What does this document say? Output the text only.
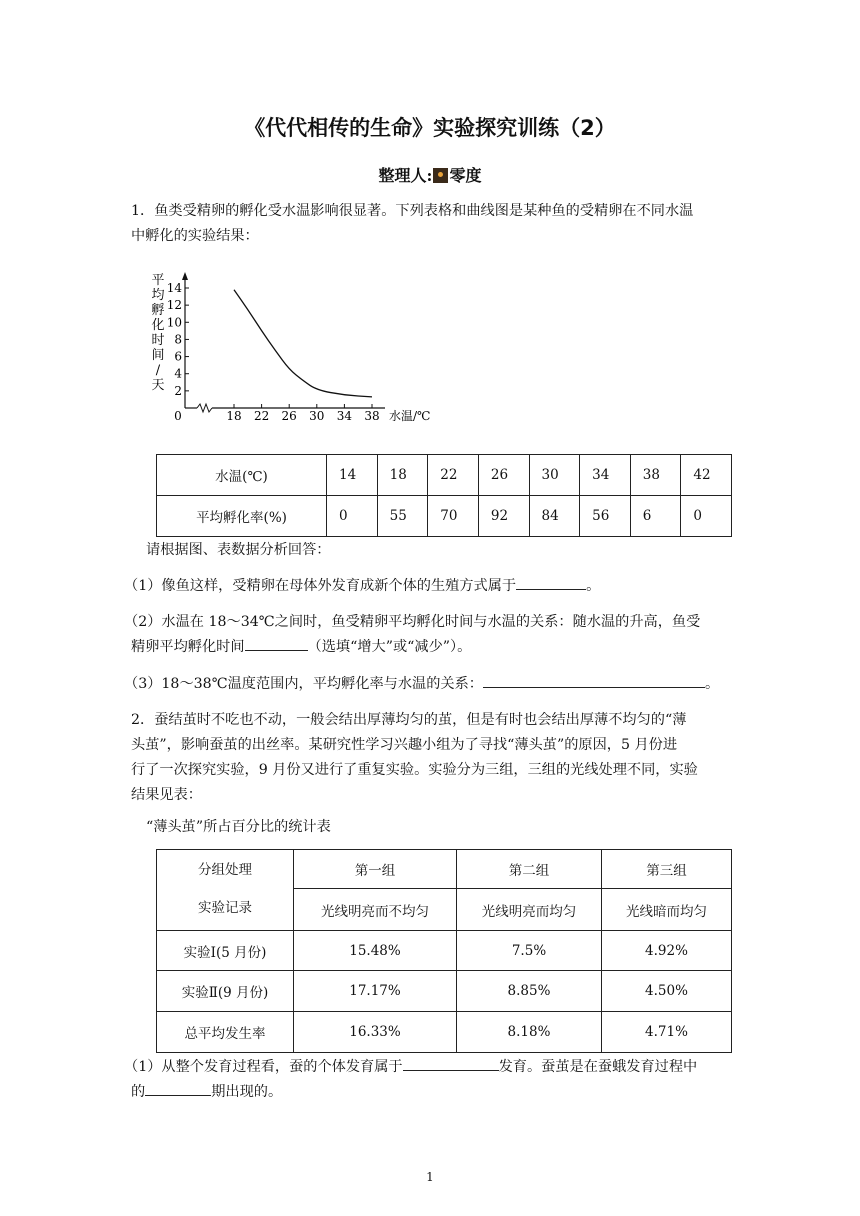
《代代相传的生命》实验探究训练（2）
整理人: 零度
1．鱼类受精卵的孵化受水温影响很显著。下列表格和曲线图是某种鱼的受精卵在不同水温
中孵化的实验结果：
平
均
孵
化
时
间
/
天
0	18 22 26 30 34 38
2
4
6
8
10
12
14
水温/℃
水温(℃)	14	18	22	26	30	34	38	42
平均孵化率(%)	0	55	70	92	84	56	6	0
请根据图、表数据分析回答：
（1）像鱼这样，受精卵在母体外发育成新个体的生殖方式属于	。
（2）水温在 18～34℃之间时，鱼受精卵平均孵化时间与水温的关系：随水温的升高，鱼受
精卵平均孵化时间	（选填“增大”或“减少”）。
（3）18～38℃温度范围内，平均孵化率与水温的关系：	。
2．蚕结茧时不吃也不动，一般会结出厚薄均匀的茧，但是有时也会结出厚薄不均匀的“薄
头茧”，影响蚕茧的出丝率。某研究性学习兴趣小组为了寻找“薄头茧”的原因，5 月份进
行了一次探究实验，9 月份又进行了重复实验。实验分为三组，三组的光线处理不同，实验
结果见表：
“薄头茧”所占百分比的统计表
分组处理
实验记录	第一组	第二组	第三组
	光线明亮而不均匀	光线明亮而均匀	光线暗而均匀
实验Ⅰ(5 月份)	15.48%	7.5%	4.92%
实验Ⅱ(9 月份)	17.17%	8.85%	4.50%
总平均发生率	16.33%	8.18%	4.71%
（1）从整个发育过程看，蚕的个体发育属于	发育。蚕茧是在蚕蛾发育过程中
的	期出现的。
1
